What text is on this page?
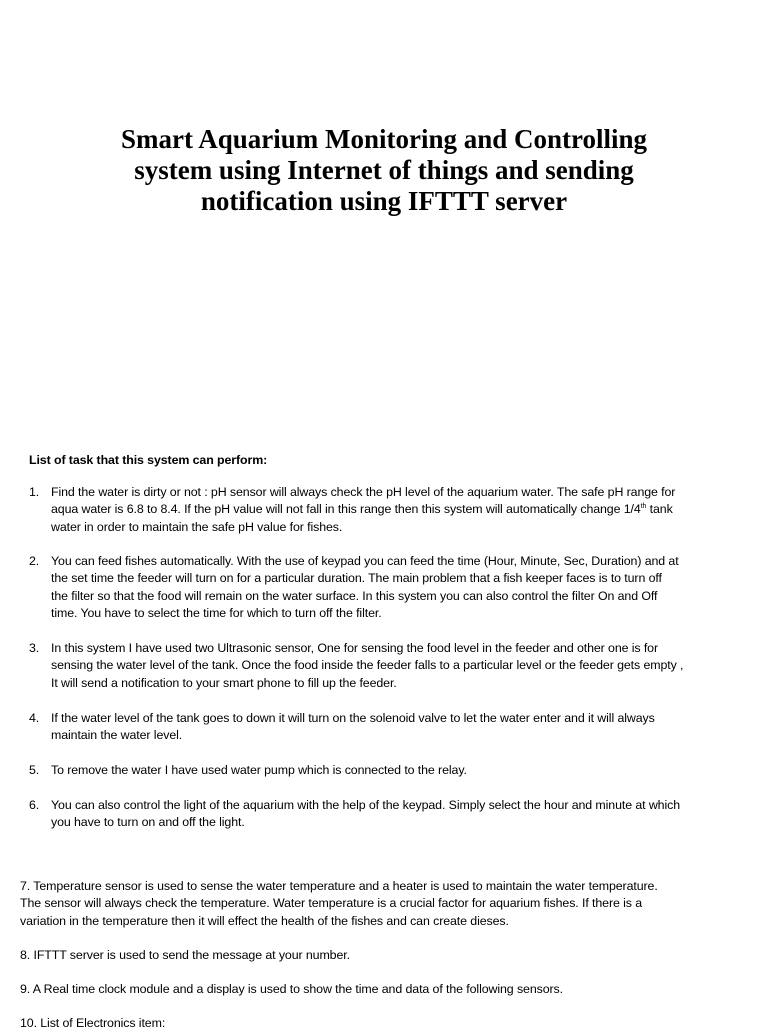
Smart Aquarium Monitoring and Controlling
system using Internet of things and sending
notification using IFTTT server

List of task that this system can perform:

1. Find the water is dirty or not : pH sensor will always check the pH level of the aquarium water. The safe pH range for
aqua water is 6.8 to 8.4. If the pH value will not fall in this range then this system will automatically change 1/4th tank
water in order to maintain the safe pH value for fishes.
2. You can feed fishes automatically. With the use of keypad you can feed the time (Hour, Minute, Sec, Duration) and at
the set time the feeder will turn on for a particular duration. The main problem that a fish keeper faces is to turn off
the filter so that the food will remain on the water surface. In this system you can also control the filter On and Off
time. You have to select the time for which to turn off the filter.
3. In this system I have used two Ultrasonic sensor, One for sensing the food level in the feeder and other one is for
sensing the water level of the tank. Once the food inside the feeder falls to a particular level or the feeder gets empty ,
It will send a notification to your smart phone to fill up the feeder.
4. If the water level of the tank goes to down it will turn on the solenoid valve to let the water enter and it will always
maintain the water level.
5. To remove the water I have used water pump which is connected to the relay.
6. You can also control the light of the aquarium with the help of the keypad. Simply select the hour and minute at which
you have to turn on and off the light.
7. Temperature sensor is used to sense the water temperature and a heater is used to maintain the water temperature.
The sensor will always check the temperature. Water temperature is a crucial factor for aquarium fishes. If there is a
variation in the temperature then it will effect the health of the fishes and can create dieses.
8. IFTTT server is used to send the message at your number.
9. A Real time clock module and a display is used to show the time and data of the following sensors.
10. List of Electronics item:
